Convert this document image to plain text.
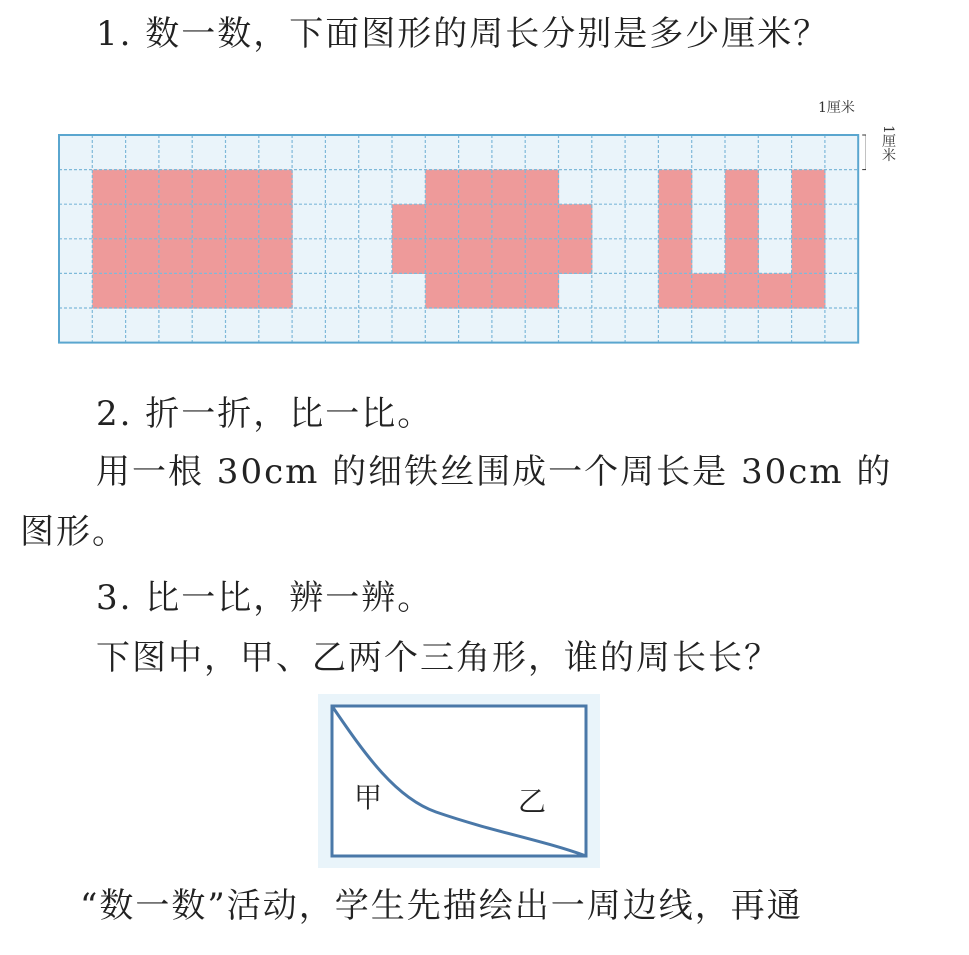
1. 数一数，下面图形的周长分别是多少厘米？
1厘米
1厘米
2. 折一折，比一比。
用一根 30cm 的细铁丝围成一个周长是 30cm 的
图形。
3. 比一比，辨一辨。
下图中，甲、乙两个三角形，谁的周长长？
甲	乙
“数一数”活动，学生先描绘出一周边线，再通
